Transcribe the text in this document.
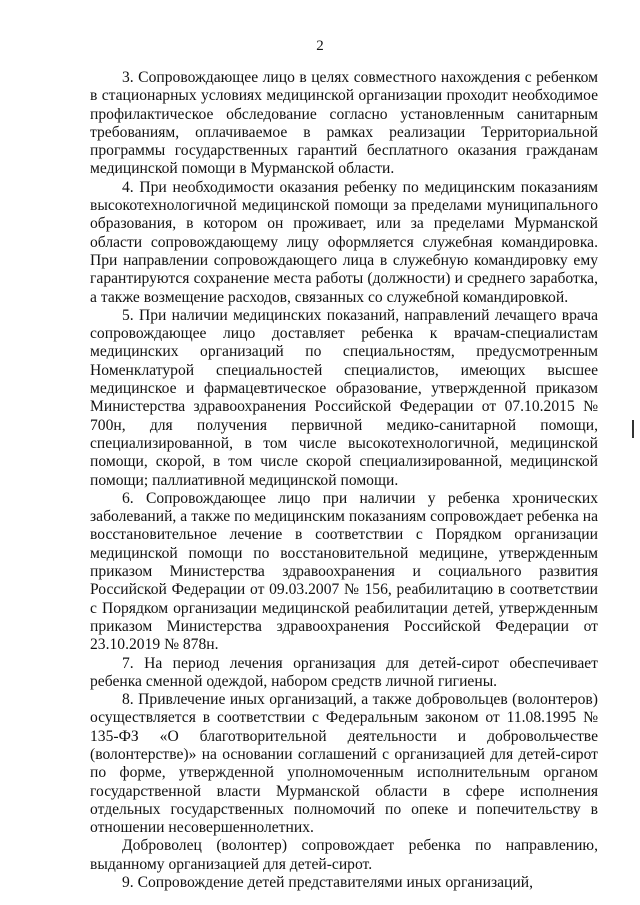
2

3. Сопровождающее лицо в целях совместного нахождения с ребенком в стационарных условиях медицинской организации проходит необходимое профилактическое обследование согласно установленным санитарным требованиям, оплачиваемое в рамках реализации Территориальной программы государственных гарантий бесплатного оказания гражданам медицинской помощи в Мурманской области.

4. При необходимости оказания ребенку по медицинским показаниям высокотехнологичной медицинской помощи за пределами муниципального образования, в котором он проживает, или за пределами Мурманской области сопровождающему лицу оформляется служебная командировка. При направлении сопровождающего лица в служебную командировку ему гарантируются сохранение места работы (должности) и среднего заработка, а также возмещение расходов, связанных со служебной командировкой.

5. При наличии медицинских показаний, направлений лечащего врача сопровождающее лицо доставляет ребенка к врачам-специалистам медицинских организаций по специальностям, предусмотренным Номенклатурой специальностей специалистов, имеющих высшее медицинское и фармацевтическое образование, утвержденной приказом Министерства здравоохранения Российской Федерации от 07.10.2015 № 700н, для получения первичной медико-санитарной помощи, специализированной, в том числе высокотехнологичной, медицинской помощи, скорой, в том числе скорой специализированной, медицинской помощи; паллиативной медицинской помощи.

6. Сопровождающее лицо при наличии у ребенка хронических заболеваний, а также по медицинским показаниям сопровождает ребенка на восстановительное лечение в соответствии с Порядком организации медицинской помощи по восстановительной медицине, утвержденным приказом Министерства здравоохранения и социального развития Российской Федерации от 09.03.2007 № 156, реабилитацию в соответствии с Порядком организации медицинской реабилитации детей, утвержденным приказом Министерства здравоохранения Российской Федерации от 23.10.2019 № 878н.

7. На период лечения организация для детей-сирот обеспечивает ребенка сменной одеждой, набором средств личной гигиены.

8. Привлечение иных организаций, а также добровольцев (волонтеров) осуществляется в соответствии с Федеральным законом от 11.08.1995 № 135-ФЗ «О благотворительной деятельности и добровольчестве (волонтерстве)» на основании соглашений с организацией для детей-сирот по форме, утвержденной уполномоченным исполнительным органом государственной власти Мурманской области в сфере исполнения отдельных государственных полномочий по опеке и попечительству в отношении несовершеннолетних.

Доброволец (волонтер) сопровождает ребенка по направлению, выданному организацией для детей-сирот.

9. Сопровождение детей представителями иных организаций,
